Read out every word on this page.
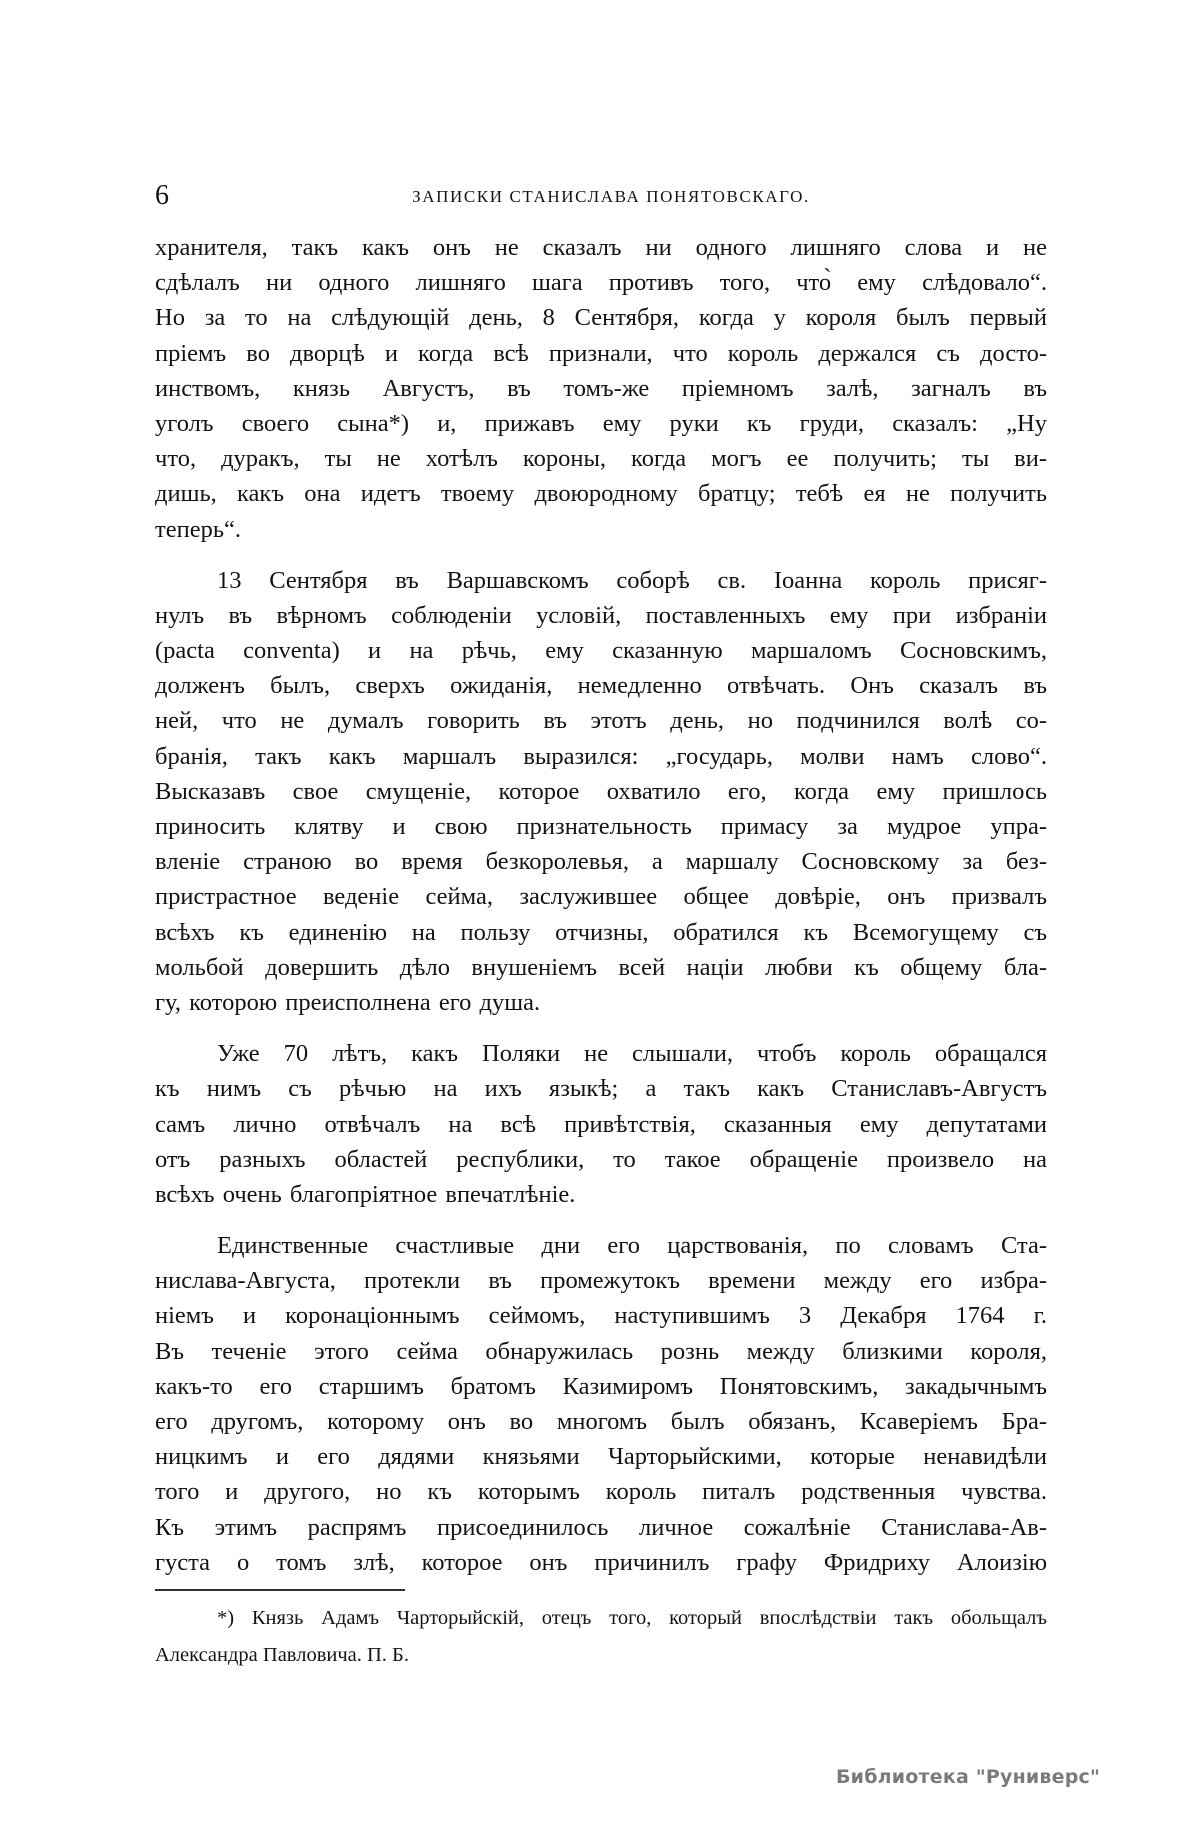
6	ЗАПИСКИ СТАНИСЛАВА ПОНЯТОВСКАГО.
хранителя, такъ какъ онъ не сказалъ ни одного лишняго слова и не
сдѣлалъ ни одного лишняго шага противъ того, что̀ ему слѣдовало“.
Но за то на слѣдующій день, 8 Сентября, когда у короля былъ первый
пріемъ во дворцѣ и когда всѣ признали, что король держался съ досто-
инствомъ, князь Августъ, въ томъ-же пріемномъ залѣ, загналъ въ
уголъ своего сына*) и, прижавъ ему руки къ груди, сказалъ: „Ну
что, дуракъ, ты не хотѣлъ короны, когда могъ ее получить; ты ви-
дишь, какъ она идетъ твоему двоюродному братцу; тебѣ ея не получить
теперь“.
13 Сентября въ Варшавскомъ соборѣ св. Іоанна король присяг-
нулъ въ вѣрномъ соблюденіи условій, поставленныхъ ему при избраніи
(pacta conventa) и на рѣчь, ему сказанную маршаломъ Сосновскимъ,
долженъ былъ, сверхъ ожиданія, немедленно отвѣчать. Онъ сказалъ въ
ней, что не думалъ говорить въ этотъ день, но подчинился волѣ со-
бранія, такъ какъ маршалъ выразился: „государь, молви намъ слово“.
Высказавъ свое смущеніе, которое охватило его, когда ему пришлось
приносить клятву и свою признательность примасу за мудрое упра-
вленіе страною во время безкоролевья, а маршалу Сосновскому за без-
пристрастное веденіе сейма, заслужившее общее довѣріе, онъ призвалъ
всѣхъ къ единенію на пользу отчизны, обратился къ Всемогущему съ
мольбой довершить дѣло внушеніемъ всей націи любви къ общему бла-
гу, которою преисполнена его душа.
Уже 70 лѣтъ, какъ Поляки не слышали, чтобъ король обращался
къ нимъ съ рѣчью на ихъ языкѣ; а такъ какъ Станиславъ-Августъ
самъ лично отвѣчалъ на всѣ привѣтствія, сказанныя ему депутатами
отъ разныхъ областей республики, то такое обращеніе произвело на
всѣхъ очень благопріятное впечатлѣніе.
Единственные счастливые дни его царствованія, по словамъ Ста-
нислава-Августа, протекли въ промежутокъ времени между его избра-
ніемъ и коронаціоннымъ сеймомъ, наступившимъ 3 Декабря 1764 г.
Въ теченіе этого сейма обнаружилась рознь между близкими короля,
какъ-то его старшимъ братомъ Казимиромъ Понятовскимъ, закадычнымъ
его другомъ, которому онъ во многомъ былъ обязанъ, Ксаверіемъ Бра-
ницкимъ и его дядями князьями Чарторыйскими, которые ненавидѣли
того и другого, но къ которымъ король питалъ родственныя чувства.
Къ этимъ распрямъ присоединилось личное сожалѣніе Станислава-Ав-
густа о томъ злѣ, которое онъ причинилъ графу Фридриху Алоизію
*) Князь Адамъ Чарторыйскій, отецъ того, который впослѣдствіи такъ обольщалъ
Александра Павловича. П. Б.
Библиотека "Руниверс"
